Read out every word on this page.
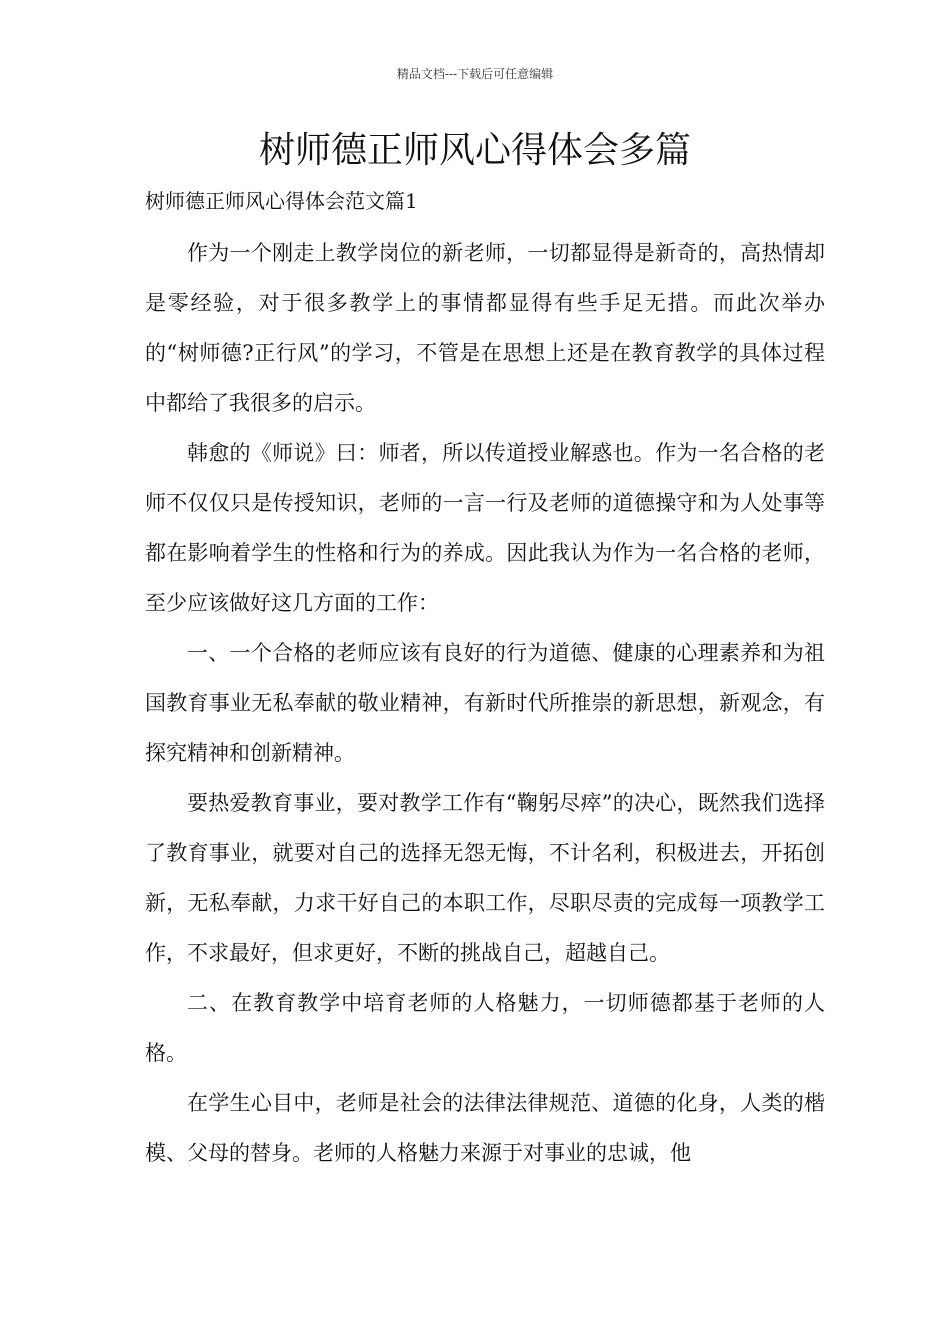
精品文档---下载后可任意编辑
树师德正师风心得体会多篇
树师德正师风心得体会范文篇1

作为一个刚走上教学岗位的新老师，一切都显得是新奇的，高热情却是零经验，对于很多教学上的事情都显得有些手足无措。而此次举办的“树师德?正行风”的学习，不管是在思想上还是在教育教学的具体过程中都给了我很多的启示。

韩愈的《师说》曰：师者，所以传道授业解惑也。作为一名合格的老师不仅仅只是传授知识，老师的一言一行及老师的道德操守和为人处事等都在影响着学生的性格和行为的养成。因此我认为作为一名合格的老师，至少应该做好这几方面的工作：

一、一个合格的老师应该有良好的行为道德、健康的心理素养和为祖国教育事业无私奉献的敬业精神，有新时代所推崇的新思想，新观念，有探究精神和创新精神。

要热爱教育事业，要对教学工作有“鞠躬尽瘁”的决心，既然我们选择了教育事业，就要对自己的选择无怨无悔，不计名利，积极进去，开拓创新，无私奉献，力求干好自己的本职工作，尽职尽责的完成每一项教学工作，不求最好，但求更好，不断的挑战自己，超越自己。

二、在教育教学中培育老师的人格魅力，一切师德都基于老师的人格。

在学生心目中，老师是社会的法律法律规范、道德的化身，人类的楷模、父母的替身。老师的人格魅力来源于对事业的忠诚，他
